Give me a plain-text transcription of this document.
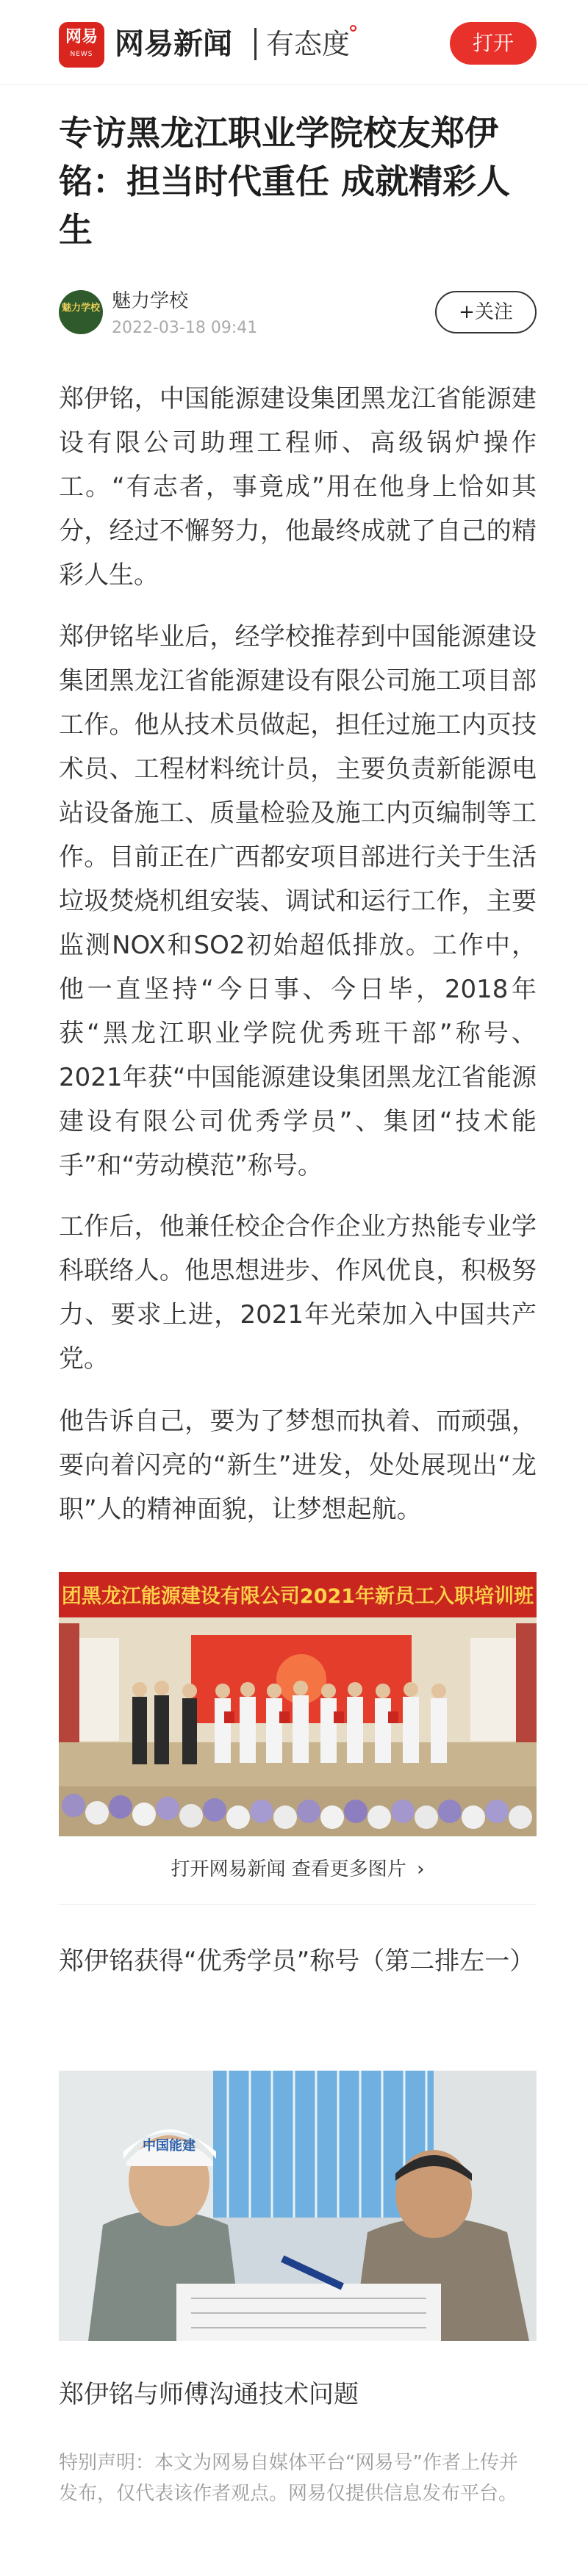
网易
NEWS 网易新闻 有态度	打开
专访黑龙江职业学院校友郑伊铭：担当时代重任 成就精彩人生
魅力学校 魅力学校
2022-03-18 09:41
+关注

郑伊铭，中国能源建设集团黑龙江省能源建设有限公司助理工程师、高级锅炉操作工。“有志者，事竟成”用在他身上恰如其分，经过不懈努力，他最终成就了自己的精彩人生。

郑伊铭毕业后，经学校推荐到中国能源建设集团黑龙江省能源建设有限公司施工项目部工作。他从技术员做起，担任过施工内页技术员、工程材料统计员，主要负责新能源电站设备施工、质量检验及施工内页编制等工作。目前正在广西都安项目部进行关于生活垃圾焚烧机组安装、调试和运行工作，主要监测NOX和SO2初始超低排放。工作中，他一直坚持“今日事、今日毕，2018年获“黑龙江职业学院优秀班干部”称号、2021年获“中国能源建设集团黑龙江省能源建设有限公司优秀学员”、集团“技术能手”和“劳动模范”称号。

工作后，他兼任校企合作企业方热能专业学科联络人。他思想进步、作风优良，积极努力、要求上进，2021年光荣加入中国共产党。

他告诉自己，要为了梦想而执着、而顽强，要向着闪亮的“新生”进发，处处展现出“龙职”人的精神面貌，让梦想起航。

团黑龙江能源建设有限公司2021年新员工入职培训班
打开网易新闻 查看更多图片 ›

郑伊铭获得“优秀学员”称号（第二排左一）

中国能建

郑伊铭与师傅沟通技术问题

特别声明：本文为网易自媒体平台“网易号”作者上传并发布，仅代表该作者观点。网易仅提供信息发布平台。
